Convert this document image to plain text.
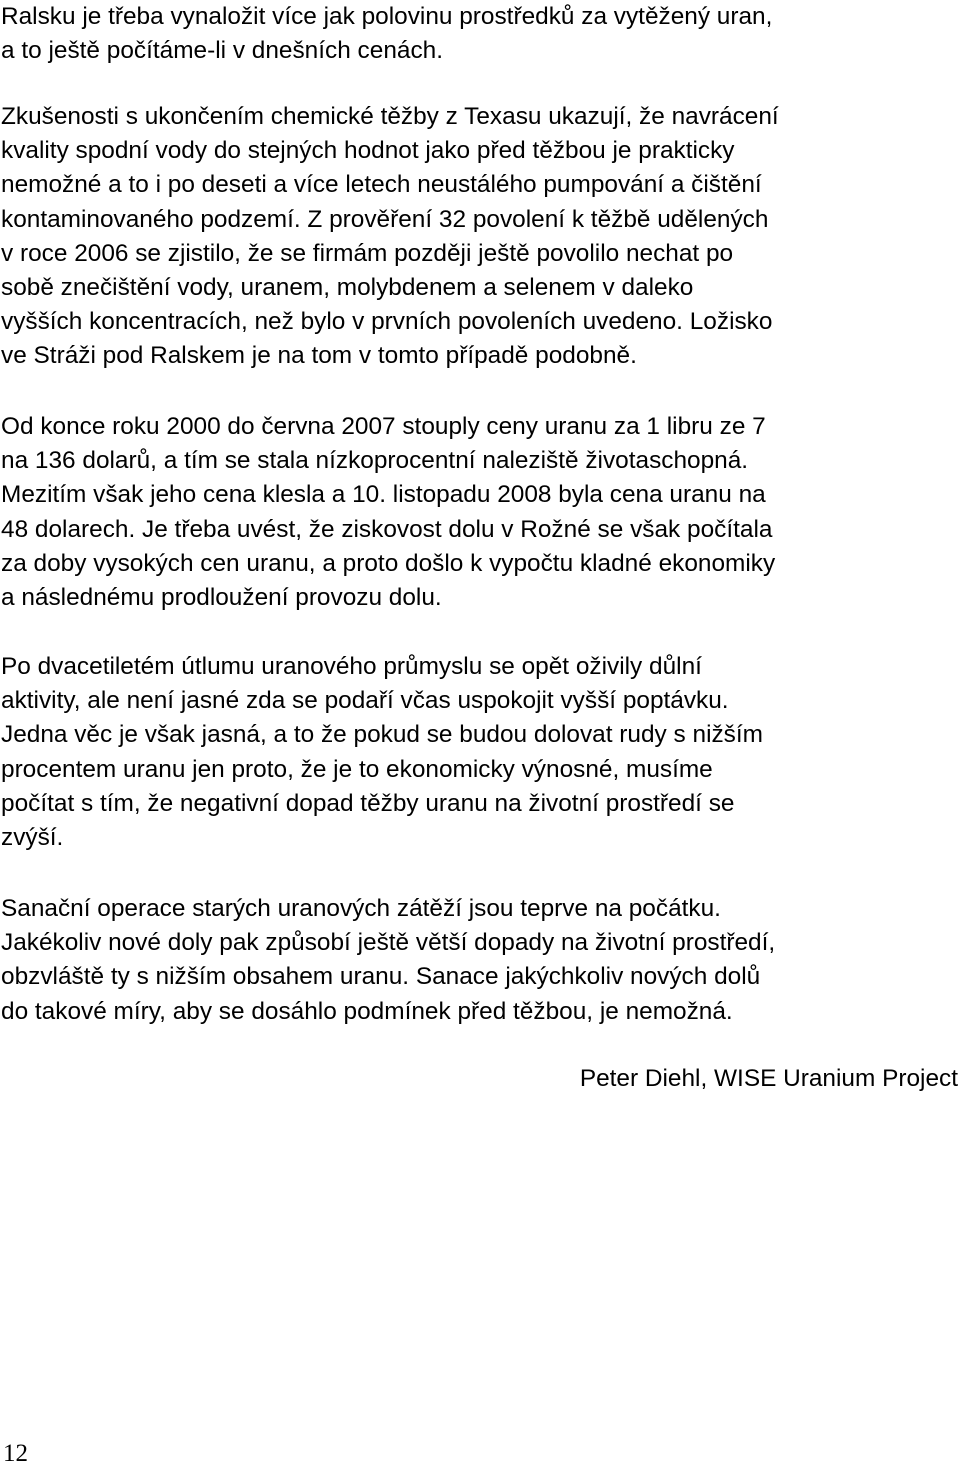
Ralsku je třeba vynaložit více jak polovinu prostředků za vytěžený uran,
a to ještě počítáme-li v dnešních cenách.
Zkušenosti s ukončením chemické těžby z Texasu ukazují, že navrácení
kvality spodní vody do stejných hodnot jako před těžbou je prakticky
nemožné a to i po deseti a více letech neustálého pumpování a čištění
kontaminovaného podzemí. Z prověření 32 povolení k těžbě udělených
v roce 2006 se zjistilo, že se firmám později ještě povolilo nechat po
sobě znečištění vody, uranem, molybdenem a selenem v daleko
vyšších koncentracích, než bylo v prvních povoleních uvedeno. Ložisko
ve Stráži pod Ralskem je na tom v tomto případě podobně.
Od konce roku 2000 do června 2007 stouply ceny uranu za 1 libru ze 7
na 136 dolarů, a tím se stala nízkoprocentní naleziště životaschopná.
Mezitím však jeho cena klesla a 10. listopadu 2008 byla cena uranu na
48 dolarech. Je třeba uvést, že ziskovost dolu v Rožné se však počítala
za doby vysokých cen uranu, a proto došlo k vypočtu kladné ekonomiky
a následnému prodloužení provozu dolu.
Po dvacetiletém útlumu uranového průmyslu se opět oživily důlní
aktivity, ale není jasné zda se podaří včas uspokojit vyšší poptávku.
Jedna věc je však jasná, a to že pokud se budou dolovat rudy s nižším
procentem uranu jen proto, že je to ekonomicky výnosné, musíme
počítat s tím, že negativní dopad těžby uranu na životní prostředí se
zvýší.
Sanační operace starých uranových zátěží jsou teprve na počátku.
Jakékoliv nové doly pak způsobí ještě větší dopady na životní prostředí,
obzvláště ty s nižším obsahem uranu. Sanace jakýchkoliv nových dolů
do takové míry, aby se dosáhlo podmínek před těžbou, je nemožná.
Peter Diehl, WISE Uranium Project
12
